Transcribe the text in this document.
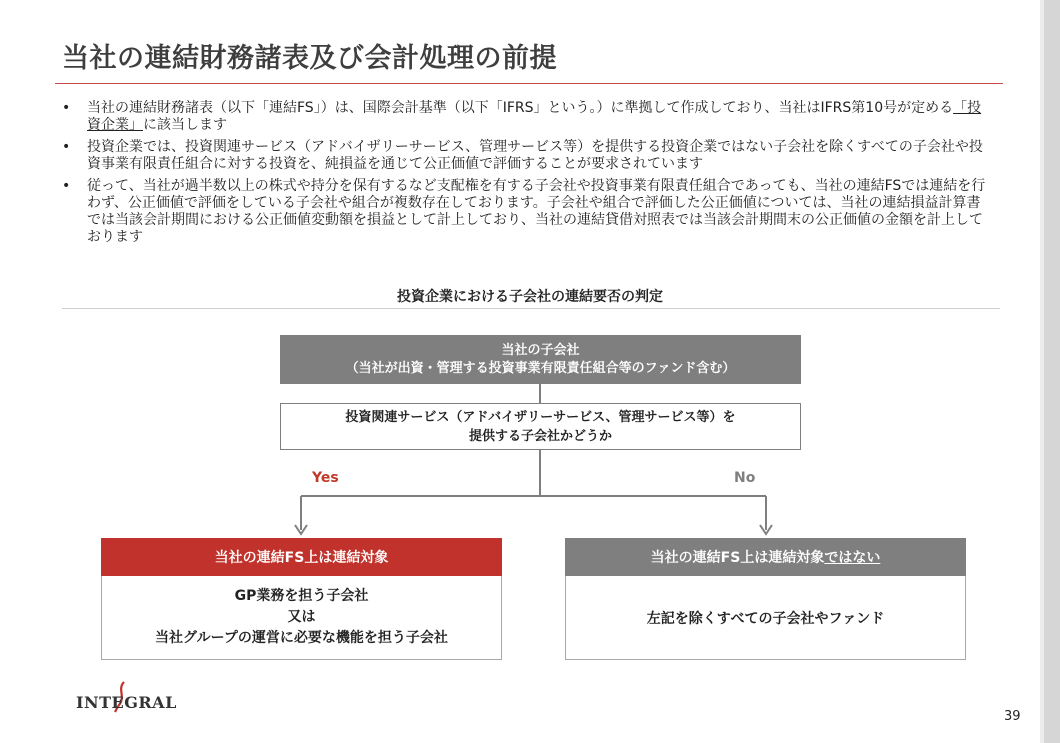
当社の連結財務諸表及び会計処理の前提
• 当社の連結財務諸表（以下「連結FS」）は、国際会計基準（以下「IFRS」という。）に準拠して作成しており、当社はIFRS第10号が定める「投資企業」に該当します
• 投資企業では、投資関連サービス（アドバイザリーサービス、管理サービス等）を提供する投資企業ではない子会社を除くすべての子会社や投資事業有限責任組合に対する投資を、純損益を通じて公正価値で評価することが要求されています
• 従って、当社が過半数以上の株式や持分を保有するなど支配権を有する子会社や投資事業有限責任組合であっても、当社の連結FSでは連結を行わず、公正価値で評価をしている子会社や組合が複数存在しております。子会社や組合で評価した公正価値については、当社の連結損益計算書では当該会計期間における公正価値変動額を損益として計上しており、当社の連結貸借対照表では当該会計期間末の公正価値の金額を計上しております
投資企業における子会社の連結要否の判定
当社の子会社
（当社が出資・管理する投資事業有限責任組合等のファンド含む）
投資関連サービス（アドバイザリーサービス、管理サービス等）を
提供する子会社かどうか
Yes	No
当社の連結FS上は連結対象
GP業務を担う子会社
又は
当社グループの運営に必要な機能を担う子会社
当社の連結FS上は連結対象 ではない
左記を除くすべての子会社やファンド
INTEGRAL
39
